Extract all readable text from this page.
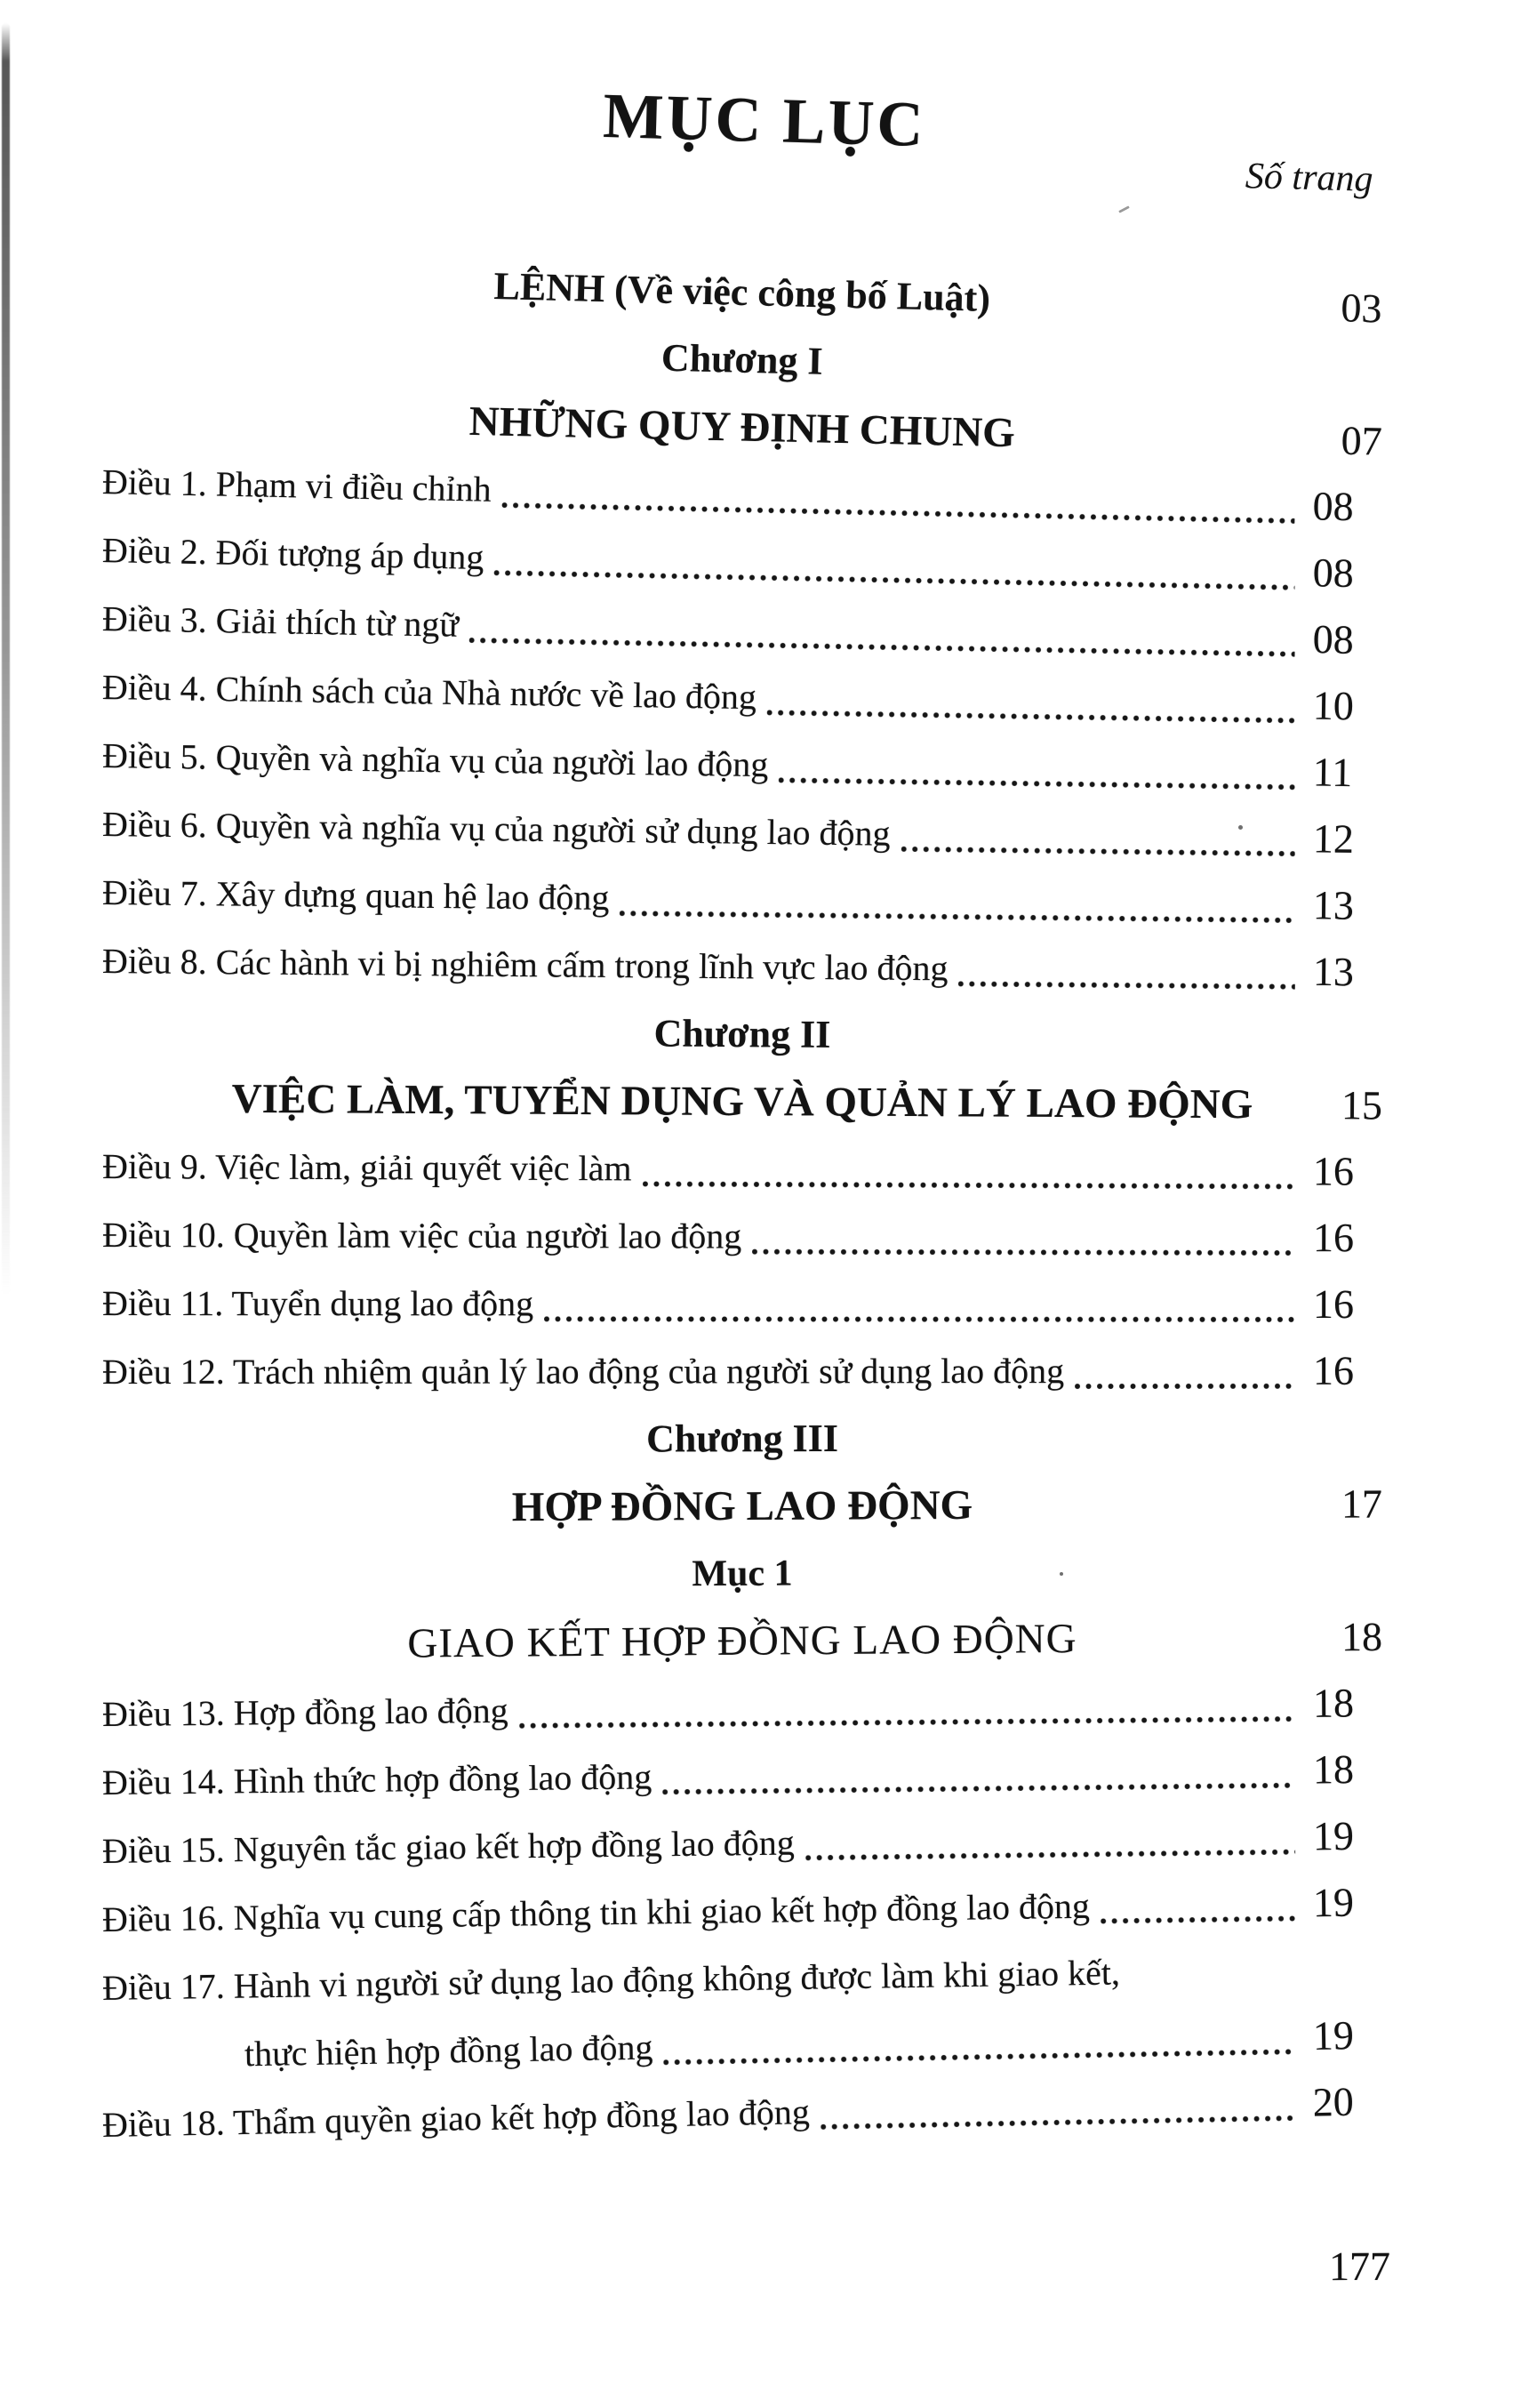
MỤC LỤC
Số trang
LỆNH (Về việc công bố Luật)	03
Chương I
NHỮNG QUY ĐỊNH CHUNG	07
Điều 1. Phạm vi điều chỉnh	08
Điều 2. Đối tượng áp dụng	08
Điều 3. Giải thích từ ngữ	08
Điều 4. Chính sách của Nhà nước về lao động	10
Điều 5. Quyền và nghĩa vụ của người lao động	11
Điều 6. Quyền và nghĩa vụ của người sử dụng lao động	12
Điều 7. Xây dựng quan hệ lao động	13
Điều 8. Các hành vi bị nghiêm cấm trong lĩnh vực lao động	13
Chương II
VIỆC LÀM, TUYỂN DỤNG VÀ QUẢN LÝ LAO ĐỘNG 15
Điều 9. Việc làm, giải quyết việc làm	16
Điều 10. Quyền làm việc của người lao động	16
Điều 11. Tuyển dụng lao động	16
Điều 12. Trách nhiệm quản lý lao động của người sử dụng lao động	16
Chương III
HỢP ĐỒNG LAO ĐỘNG	17
Mục 1
GIAO KẾT HỢP ĐỒNG LAO ĐỘNG	18
Điều 13. Hợp đồng lao động	18
Điều 14. Hình thức hợp đồng lao động	18
Điều 15. Nguyên tắc giao kết hợp đồng lao động	19
Điều 16. Nghĩa vụ cung cấp thông tin khi giao kết hợp đồng lao động	19
Điều 17. Hành vi người sử dụng lao động không được làm khi giao kết,
thực hiện hợp đồng lao động	19
Điều 18. Thẩm quyền giao kết hợp đồng lao động	20
177
